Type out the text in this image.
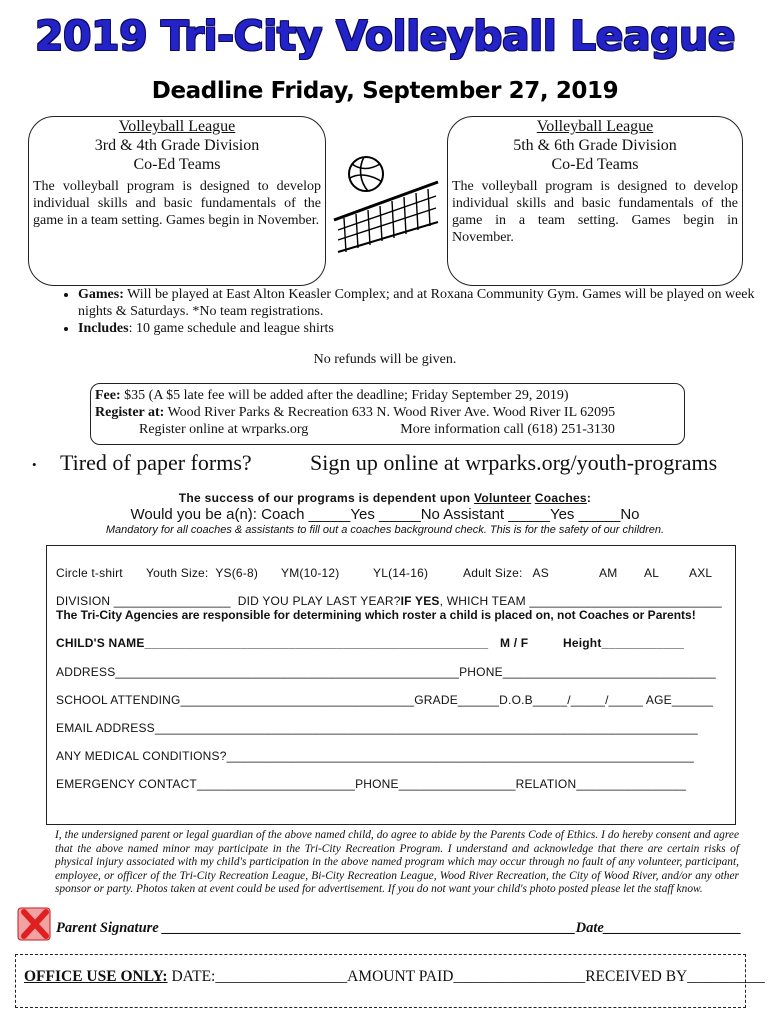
2019 Tri-City Volleyball League
Deadline Friday, September 27, 2019
Volleyball League
3rd & 4th Grade Division
Co-Ed Teams
The volleyball program is designed to develop individual skills and basic fundamentals of the game in a team setting. Games begin in November.
Volleyball League
5th & 6th Grade Division
Co-Ed Teams
The volleyball program is designed to develop individual skills and basic fundamentals of the game in a team setting. Games begin in November.
• Games: Will be played at East Alton Keasler Complex; and at Roxana Community Gym. Games will be played on week nights & Saturdays. *No team registrations.
• Includes: 10 game schedule and league shirts
No refunds will be given.
Fee: $35 (A $5 late fee will be added after the deadline; Friday September 29, 2019)
Register at: Wood River Parks & Recreation 633 N. Wood River Ave. Wood River IL 62095
Register online at wrparks.org	More information call (618) 251-3130
• Tired of paper forms?	Sign up online at wrparks.org/youth-programs
The success of our programs is dependent upon Volunteer Coaches:
Would you be a(n): Coach _____Yes _____No Assistant _____Yes _____No
Mandatory for all coaches & assistants to fill out a coaches background check. This is for the safety of our children.
Circle t-shirt Youth Size:  YS(6-8) YM(10-12)	YL(14-16)	Adult Size:   AS	AM AL AXL
DIVISION _________________  DID YOU PLAY LAST YEAR?IF YES, WHICH TEAM ____________________________
The Tri-City Agencies are responsible for determining which roster a child is placed on, not Coaches or Parents!
CHILD'S NAME__________________________________________________ M / F	Height____________
ADDRESS__________________________________________________PHONE_______________________________
SCHOOL ATTENDING__________________________________GRADE______D.O.B_____/_____/_____ AGE______
EMAIL ADDRESS_______________________________________________________________________________
ANY MEDICAL CONDITIONS?____________________________________________________________________
EMERGENCY CONTACT_______________________PHONE_________________RELATION________________
I, the undersigned parent or legal guardian of the above named child, do agree to abide by the Parents Code of Ethics. I do hereby consent and agree that the above named minor may participate in the Tri-City Recreation Program. I understand and acknowledge that there are certain risks of physical injury associated with my child's participation in the above named program which may occur through no fault of any volunteer, participant, employee, or officer of the Tri-City Recreation League, Bi-City Recreation League, Wood River Recreation, the City of Wood River, and/or any other sponsor or party. Photos taken at event could be used for advertisement. If you do not want your child's photo posted please let the staff know.
Parent Signature _________________________________________________________Date___________________
OFFICE USE ONLY: DATE:_________________AMOUNT PAID_________________RECEIVED BY__________
